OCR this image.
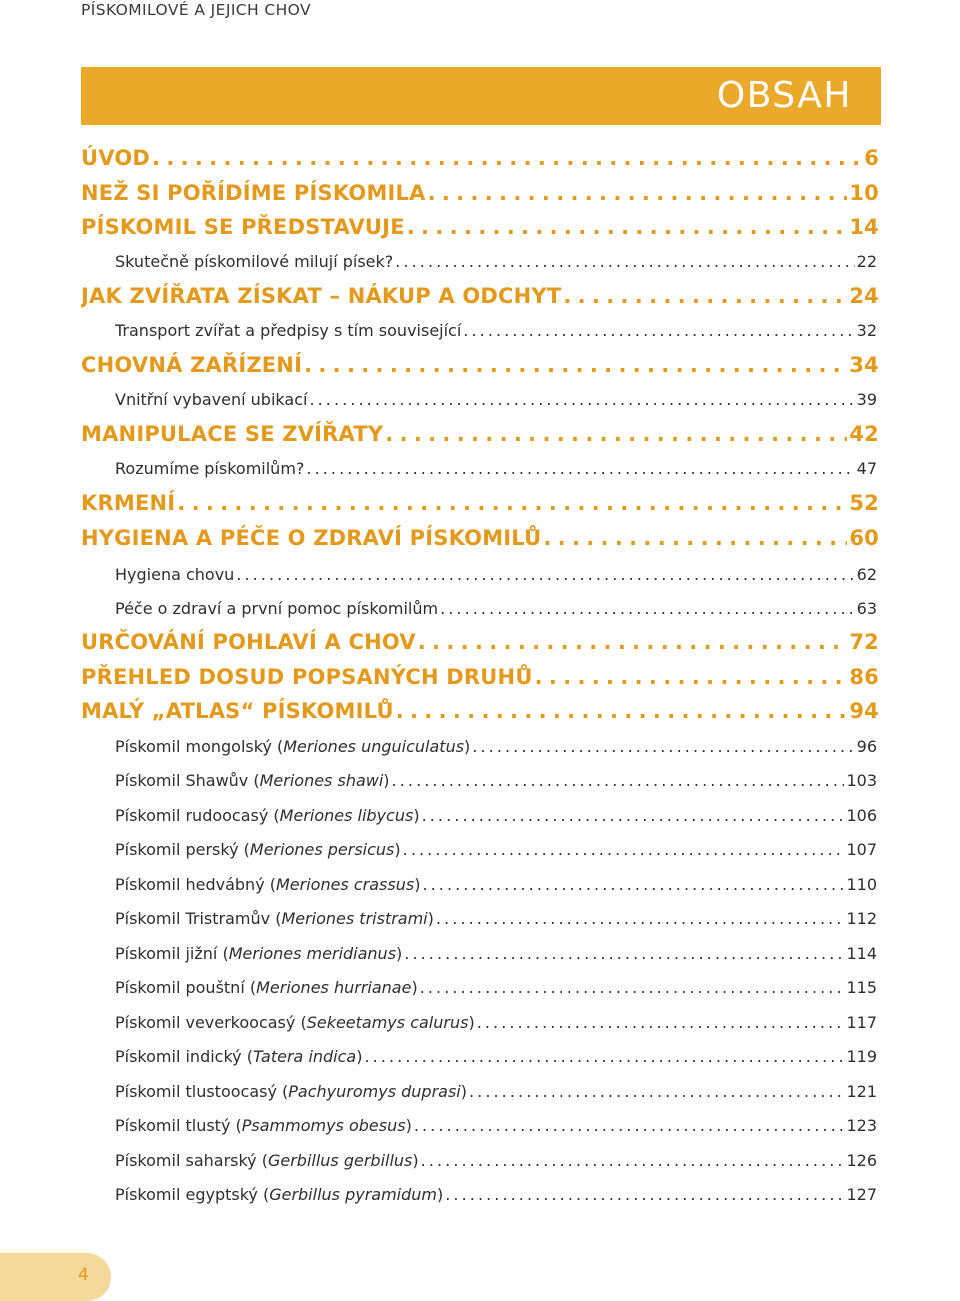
PÍSKOMILOVÉ A JEJICH CHOV
OBSAH
ÚVOD . . .	6
NEŽ SI POŘÍDÍME PÍSKOMILA . . .	10
PÍSKOMIL SE PŘEDSTAVUJE . . .	14
Skutečně pískomilové milují písek? . . .	22
JAK ZVÍŘATA ZÍSKAT – NÁKUP A ODCHYT . . .	24
Transport zvířat a předpisy s tím související . . .	32
CHOVNÁ ZAŘÍZENÍ . . .	34
Vnitřní vybavení ubikací . . .	39
MANIPULACE SE ZVÍŘATY . . .	42
Rozumíme pískomilům? . . .	47
KRMENÍ . . .	52
HYGIENA A PÉČE O ZDRAVÍ PÍSKOMILŮ . . .	60
Hygiena chovu . . .	62
Péče o zdraví a první pomoc pískomilům . . .	63
URČOVÁNÍ POHLAVÍ A CHOV . . .	72
PŘEHLED DOSUD POPSANÝCH DRUHŮ . . .	86
MALÝ „ATLAS“ PÍSKOMILŮ . . .	94
Pískomil mongolský (Meriones unguiculatus) . . .	96
Pískomil Shawův (Meriones shawi) . . .	103
Pískomil rudoocasý (Meriones libycus) . . .	106
Pískomil perský (Meriones persicus) . . .	107
Pískomil hedvábný (Meriones crassus) . . .	110
Pískomil Tristramův (Meriones tristrami) . . .	112
Pískomil jižní (Meriones meridianus) . . .	114
Pískomil pouštní (Meriones hurrianae) . . .	115
Pískomil veverkoocasý (Sekeetamys calurus) . . .	117
Pískomil indický (Tatera indica) . . .	119
Pískomil tlustoocasý (Pachyuromys duprasi) . . .	121
Pískomil tlustý (Psammomys obesus) . . .	123
Pískomil saharský (Gerbillus gerbillus) . . .	126
Pískomil egyptský (Gerbillus pyramidum) . . .	127
4
